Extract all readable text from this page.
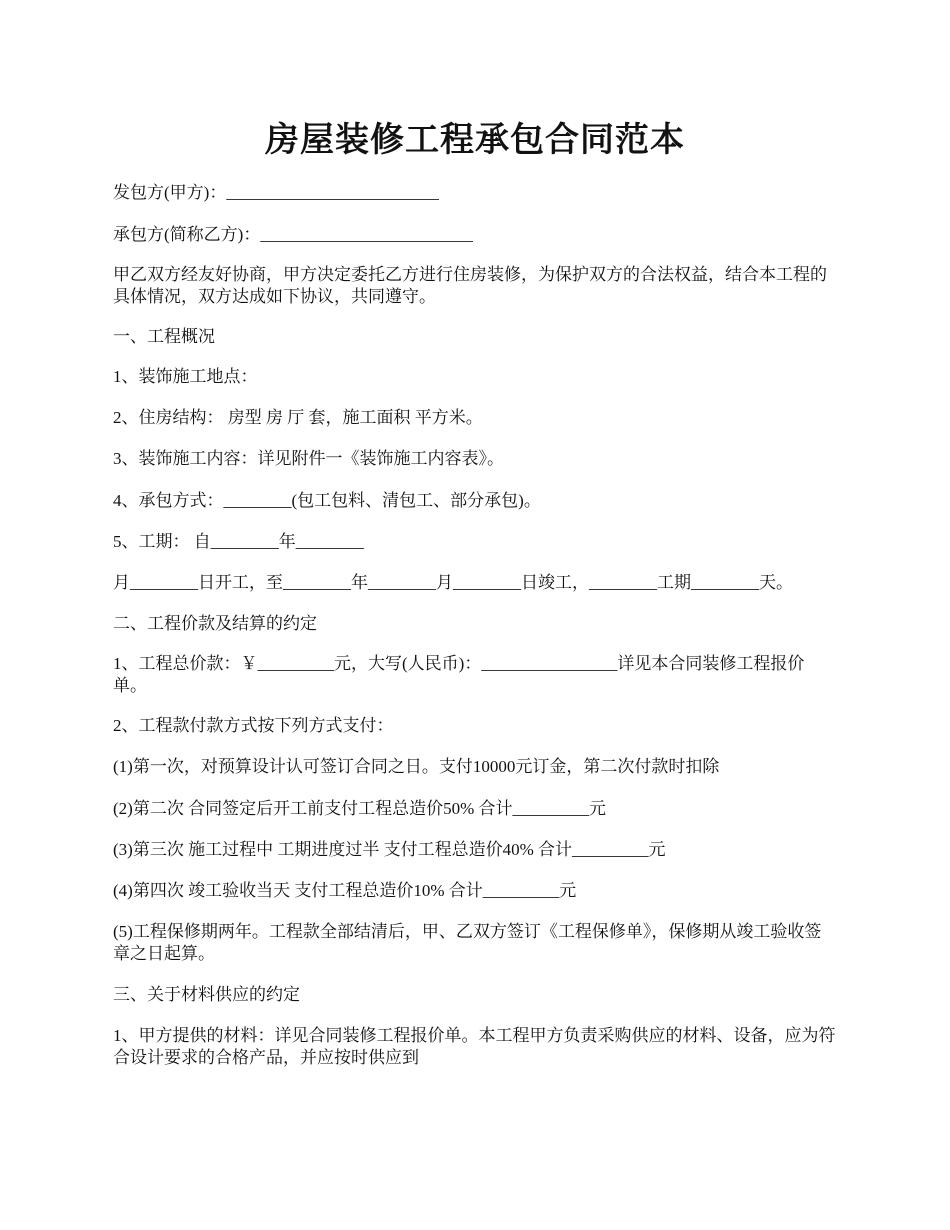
房屋装修工程承包合同范本

发包方(甲方)：_________________________

承包方(简称乙方)：_________________________

甲乙双方经友好协商，甲方决定委托乙方进行住房装修，为保护双方的合法权益，结合本工程的具体情况，双方达成如下协议，共同遵守。

一、工程概况

1、装饰施工地点：

2、住房结构： 房型 房 厅 套，施工面积 平方米。

3、装饰施工内容：详见附件一《装饰施工内容表》。

4、承包方式：________(包工包料、清包工、部分承包)。

5、工期： 自________年________

月________日开工，至________年________月________日竣工，________工期________天。

二、工程价款及结算的约定

1、工程总价款：￥_________元，大写(人民币)：________________详见本合同装修工程报价单。

2、工程款付款方式按下列方式支付：

(1)第一次，对预算设计认可签订合同之日。支付10000元订金，第二次付款时扣除

(2)第二次 合同签定后开工前支付工程总造价50% 合计_________元

(3)第三次 施工过程中 工期进度过半 支付工程总造价40% 合计_________元

(4)第四次 竣工验收当天 支付工程总造价10% 合计_________元

(5)工程保修期两年。工程款全部结清后，甲、乙双方签订《工程保修单》，保修期从竣工验收签章之日起算。

三、关于材料供应的约定

1、甲方提供的材料：详见合同装修工程报价单。本工程甲方负责采购供应的材料、设备，应为符合设计要求的合格产品，并应按时供应到
